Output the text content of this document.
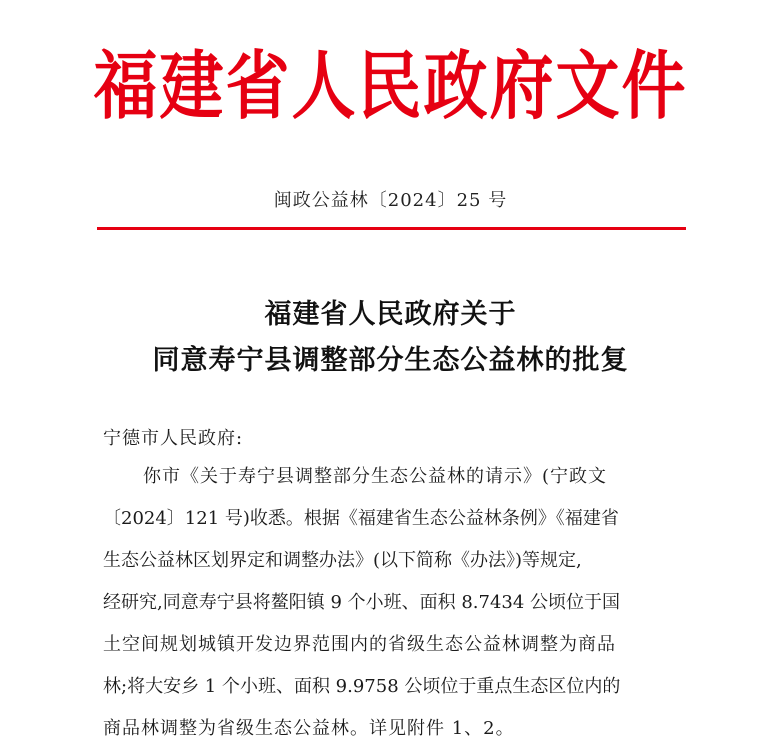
福建省人民政府文件
闽政公益林〔2024〕25 号
福建省人民政府关于
同意寿宁县调整部分生态公益林的批复
宁德市人民政府:
你市《关于寿宁县调整部分生态公益林的请示》(宁政文
〔2024〕121 号)收悉。根据《福建省生态公益林条例》《福建省
生态公益林区划界定和调整办法》(以下简称《办法》)等规定,
经研究,同意寿宁县将鳌阳镇 9 个小班、面积 8.7434 公顷位于国
土空间规划城镇开发边界范围内的省级生态公益林调整为商品
林;将大安乡 1 个小班、面积 9.9758 公顷位于重点生态区位内的
商品林调整为省级生态公益林。详见附件 1、2。
